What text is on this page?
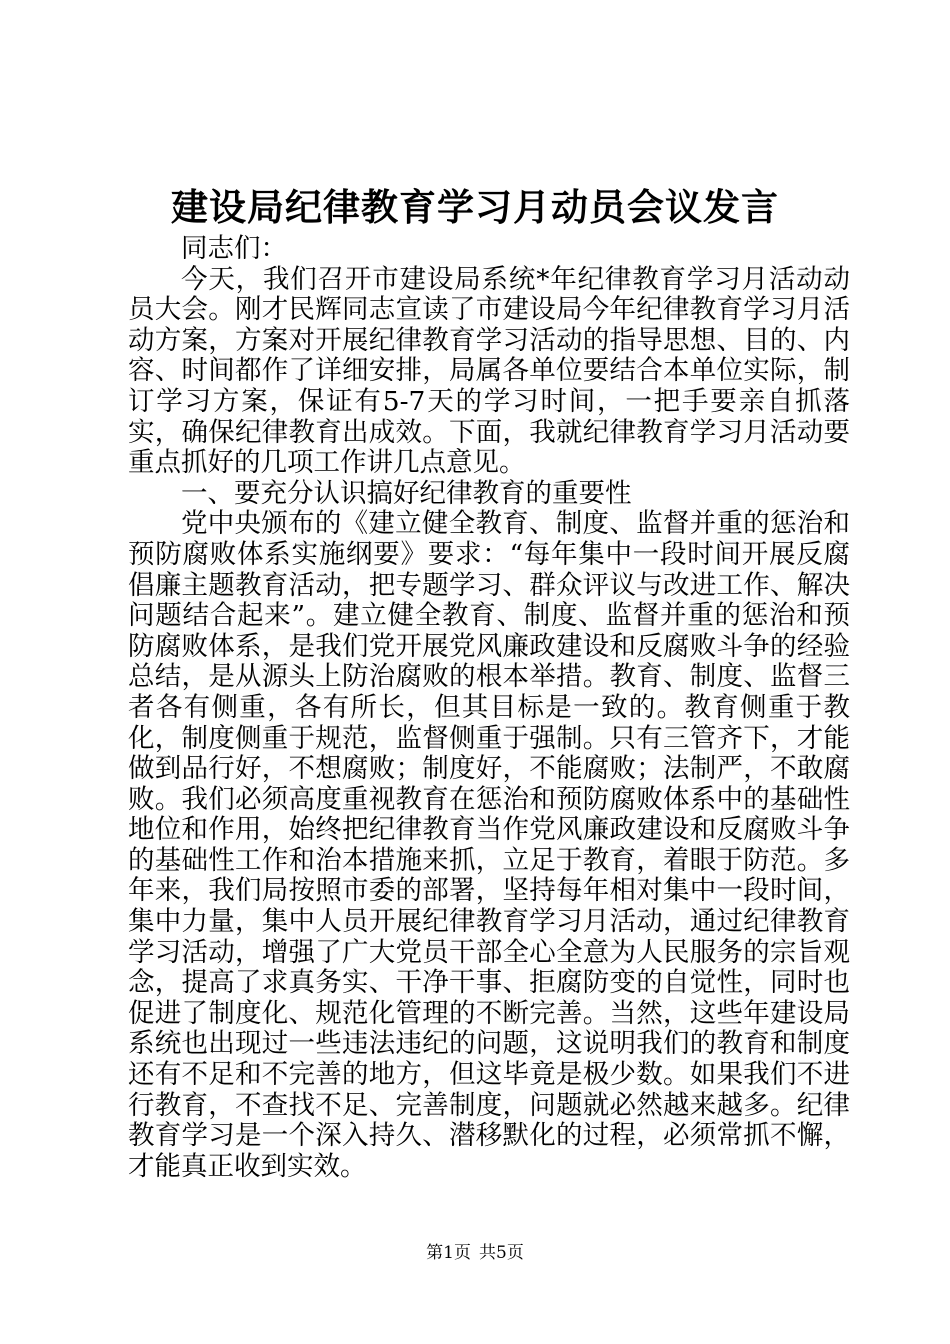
建设局纪律教育学习月动员会议发言

同志们：

今天，我们召开市建设局系统*年纪律教育学习月活动动员大会。刚才民辉同志宣读了市建设局今年纪律教育学习月活动方案，方案对开展纪律教育学习活动的指导思想、目的、内容、时间都作了详细安排，局属各单位要结合本单位实际，制订学习方案，保证有5-7天的学习时间，一把手要亲自抓落实，确保纪律教育出成效。下面，我就纪律教育学习月活动要重点抓好的几项工作讲几点意见。

一、要充分认识搞好纪律教育的重要性

党中央颁布的《建立健全教育、制度、监督并重的惩治和预防腐败体系实施纲要》要求：“每年集中一段时间开展反腐倡廉主题教育活动，把专题学习、群众评议与改进工作、解决问题结合起来”。建立健全教育、制度、监督并重的惩治和预防腐败体系，是我们党开展党风廉政建设和反腐败斗争的经验总结，是从源头上防治腐败的根本举措。教育、制度、监督三者各有侧重，各有所长，但其目标是一致的。教育侧重于教化，制度侧重于规范，监督侧重于强制。只有三管齐下，才能做到品行好，不想腐败；制度好，不能腐败；法制严，不敢腐败。我们必须高度重视教育在惩治和预防腐败体系中的基础性地位和作用，始终把纪律教育当作党风廉政建设和反腐败斗争的基础性工作和治本措施来抓，立足于教育，着眼于防范。多年来，我们局按照市委的部署，坚持每年相对集中一段时间，集中力量，集中人员开展纪律教育学习月活动，通过纪律教育学习活动，增强了广大党员干部全心全意为人民服务的宗旨观念，提高了求真务实、干净干事、拒腐防变的自觉性，同时也促进了制度化、规范化管理的不断完善。当然，这些年建设局系统也出现过一些违法违纪的问题，这说明我们的教育和制度还有不足和不完善的地方，但这毕竟是极少数。如果我们不进行教育，不查找不足、完善制度，问题就必然越来越多。纪律教育学习是一个深入持久、潜移默化的过程，必须常抓不懈，才能真正收到实效。

第1页 共5页
